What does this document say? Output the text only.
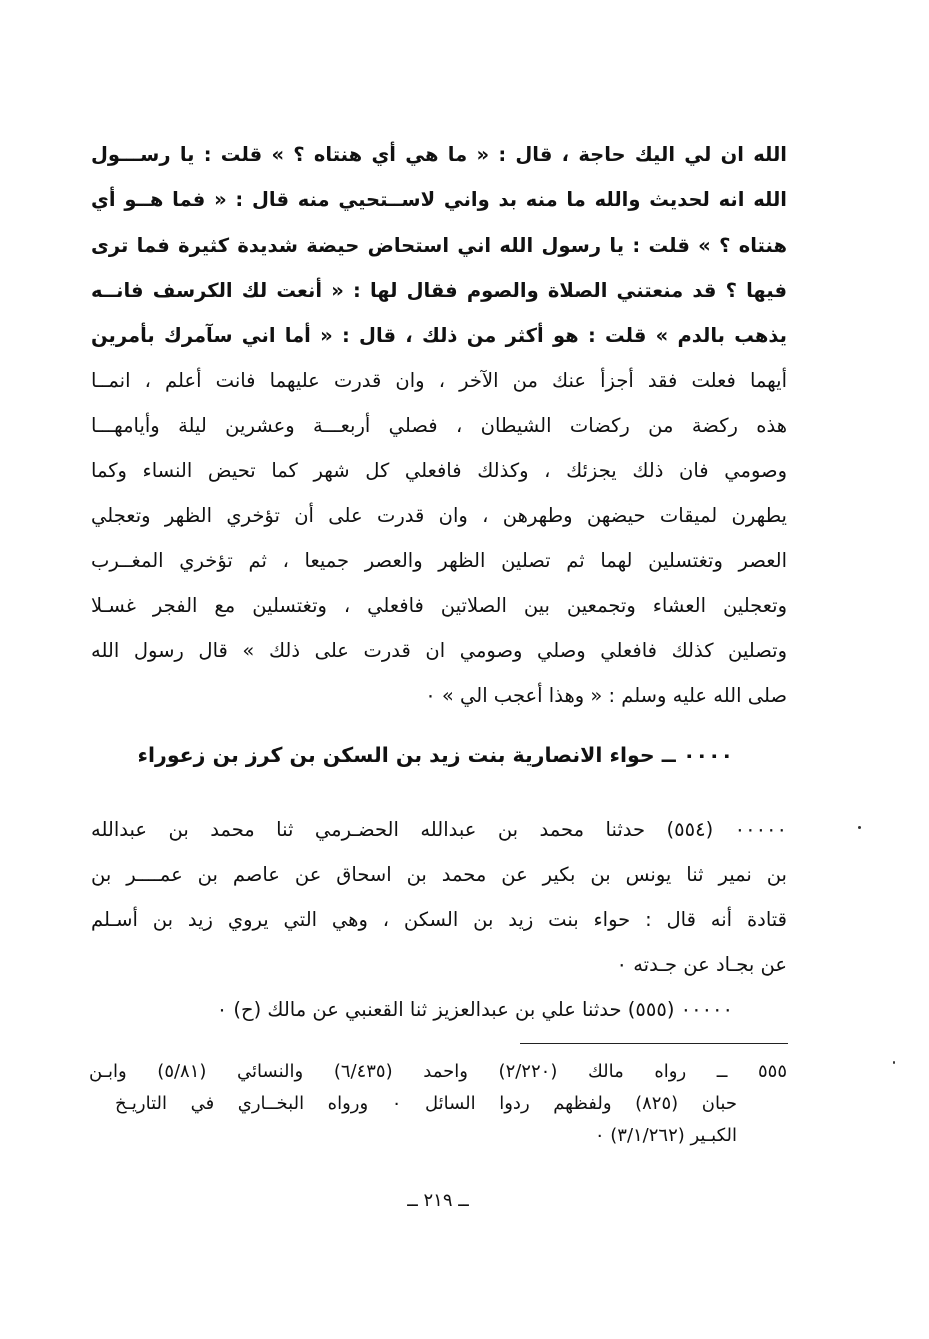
الله ان لي اليك حاجة ، قال : « ما هي أي هنتاه ؟ » قلت : يا رســـول
الله انه لحديث والله ما منه بد واني لاســتحيي منه قال : « فما هــو أي
هنتاه ؟ » قلت : يا رسول الله اني استحاض حيضة شديدة كثيرة فما ترى
فيها ؟ قد منعتني الصلاة والصوم فقال لها : « أنعت لك الكرسف فانــه
يذهب بالدم » قلت : هو أكثر من ذلك ، قال : « أما اني سآمرك بأمرين
أيهما فعلت فقد أجزأ عنك من الآخر ، وان قدرت عليهما فانت أعلم ، انمــا
هذه ركضة من ركضات الشيطان ، فصلي أربعـــة وعشرين ليلة وأيامهـــا
وصومي فان ذلك يجزئك ، وكذلك فافعلي كل شهر كما تحيض النساء وكما
يطهرن لميقات حيضهن وطهرهن ، وان قدرت على أن تؤخري الظهر وتعجلي
العصر وتغتسلين لهما ثم تصلين الظهر والعصر جميعا ، ثم تؤخري المغــرب
وتعجلين العشاء وتجمعين بين الصلاتين فافعلي ، وتغتسلين مع الفجر غسـلا
وتصلين كذلك فافعلي وصلي وصومي ان قدرت على ذلك » قال رسول الله
صلى الله عليه وسلم : « وهذا أعجب الي » ٠
٠٠٠٠ ــ حواء الانصارية بنت زيد بن السكن بن كرز بن زعوراء
٠٠٠٠٠ (٥٥٤) حدثنا محمد بن عبدالله الحضـرمي ثنا محمد بن عبدالله
بن نمير ثنا يونس بن بكير عن محمد بن اسحاق عن عاصم بن عمــــر بن
قتادة أنه قال : حواء بنت زيد بن السكن ، وهي التي يروي زيد بن أسـلم
عن بجـاد عن جـدته ٠
٠٠٠٠٠ (٥٥٥) حدثنا علي بن عبدالعزيز ثنا القعنبي عن مالك (ح) ٠
٥٥٥ ــ رواه مالك (٢/٢٢٠) واحمد (٦/٤٣٥) والنسائي (٥/٨١) وابـن
حبان (٨٢٥) ولفظهم ردوا السائل ٠ ورواه البخــاري في التاريـخ
الكبـير (٣/١/٢٦٢) ٠
ــ ٢١٩ ــ
